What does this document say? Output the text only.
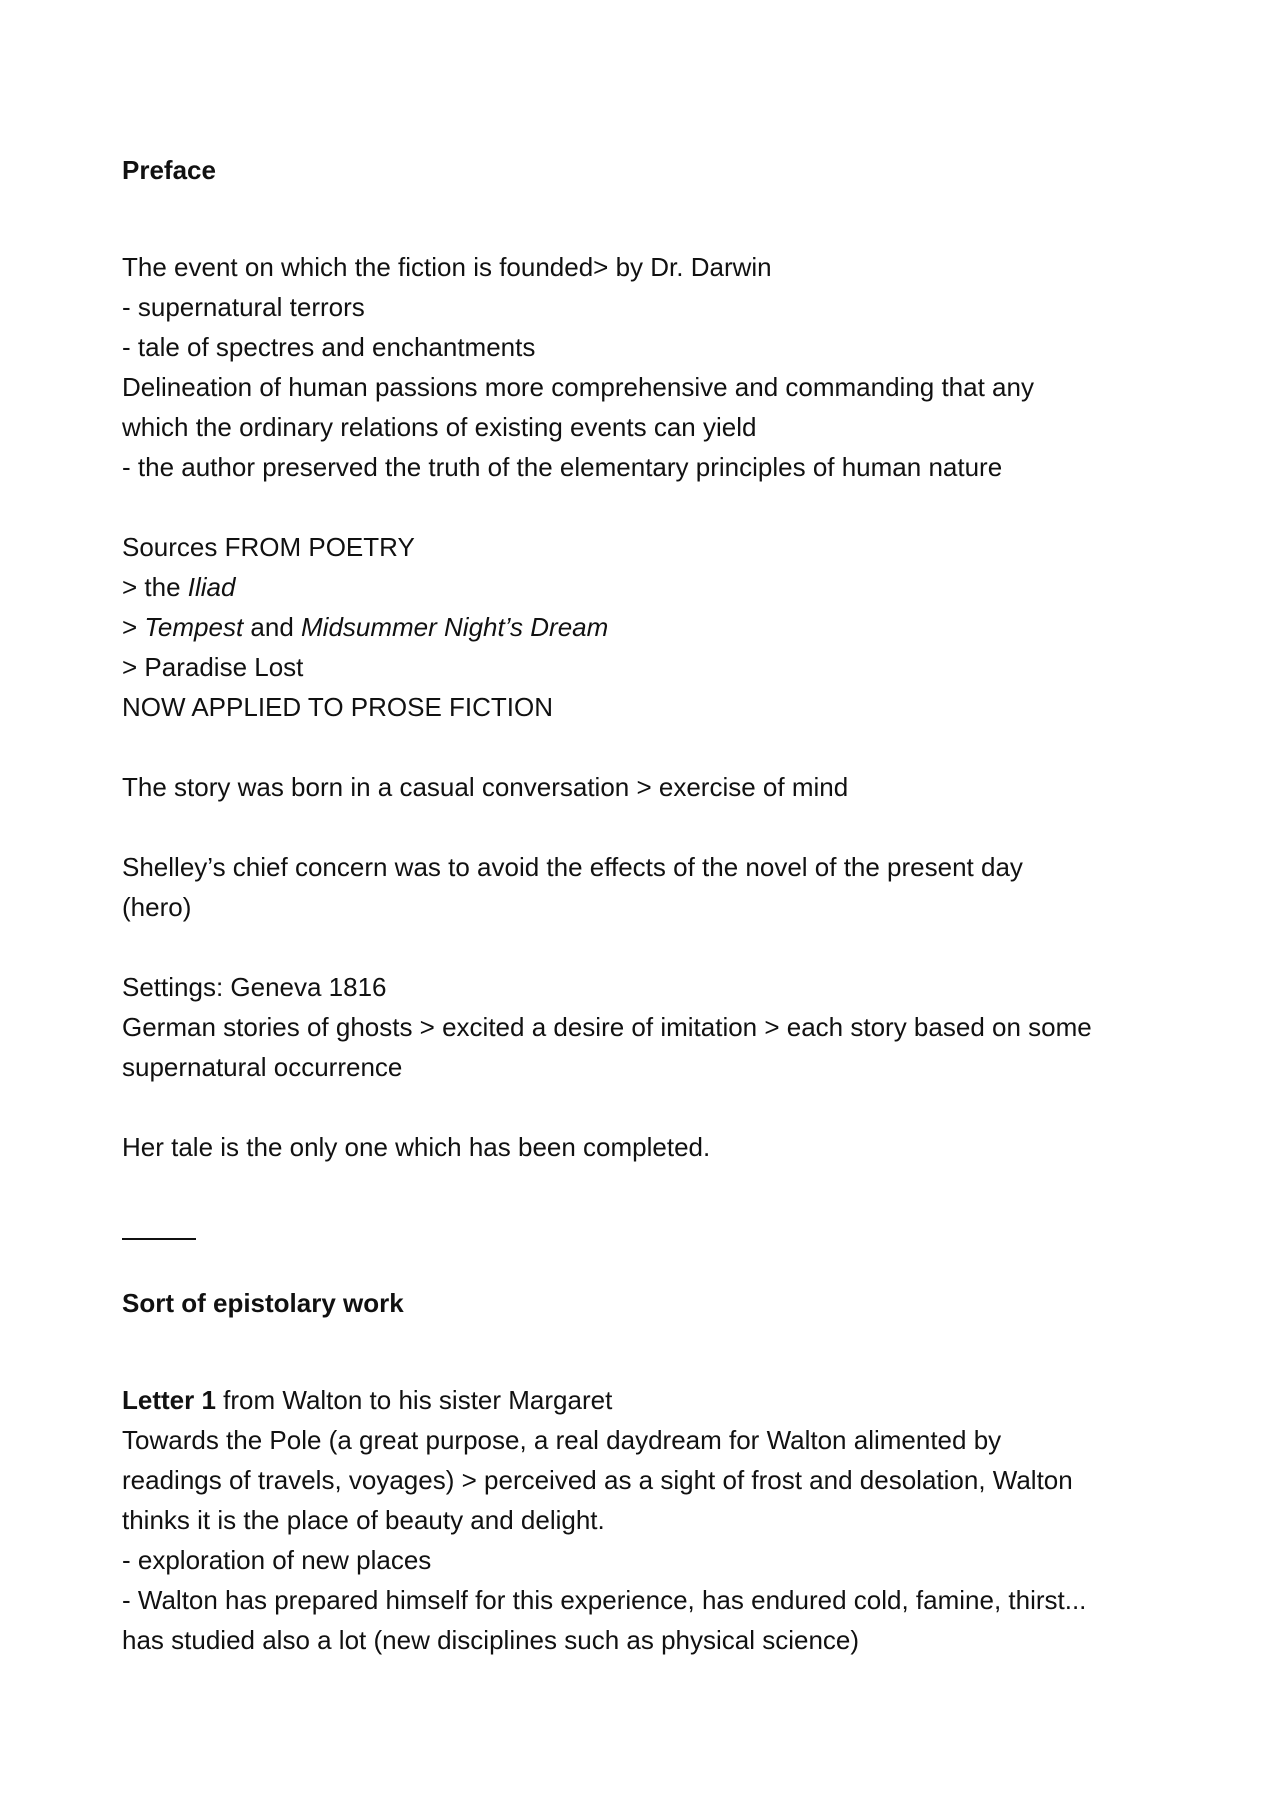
Preface
The event on which the fiction is founded> by Dr. Darwin
- supernatural terrors
- tale of spectres and enchantments
Delineation of human passions more comprehensive and commanding that any
which the ordinary relations of existing events can yield
- the author preserved the truth of the elementary principles of human nature
Sources FROM POETRY
> the Iliad
> Tempest and Midsummer Night’s Dream
> Paradise Lost
NOW APPLIED TO PROSE FICTION
The story was born in a casual conversation > exercise of mind
Shelley’s chief concern was to avoid the effects of the novel of the present day
(hero)
Settings: Geneva 1816
German stories of ghosts > excited a desire of imitation > each story based on some
supernatural occurrence
Her tale is the only one which has been completed.
Sort of epistolary work
Letter 1 from Walton to his sister Margaret
Towards the Pole (a great purpose, a real daydream for Walton alimented by
readings of travels, voyages) > perceived as a sight of frost and desolation, Walton
thinks it is the place of beauty and delight.
- exploration of new places
- Walton has prepared himself for this experience, has endured cold, famine, thirst...
has studied also a lot (new disciplines such as physical science)
